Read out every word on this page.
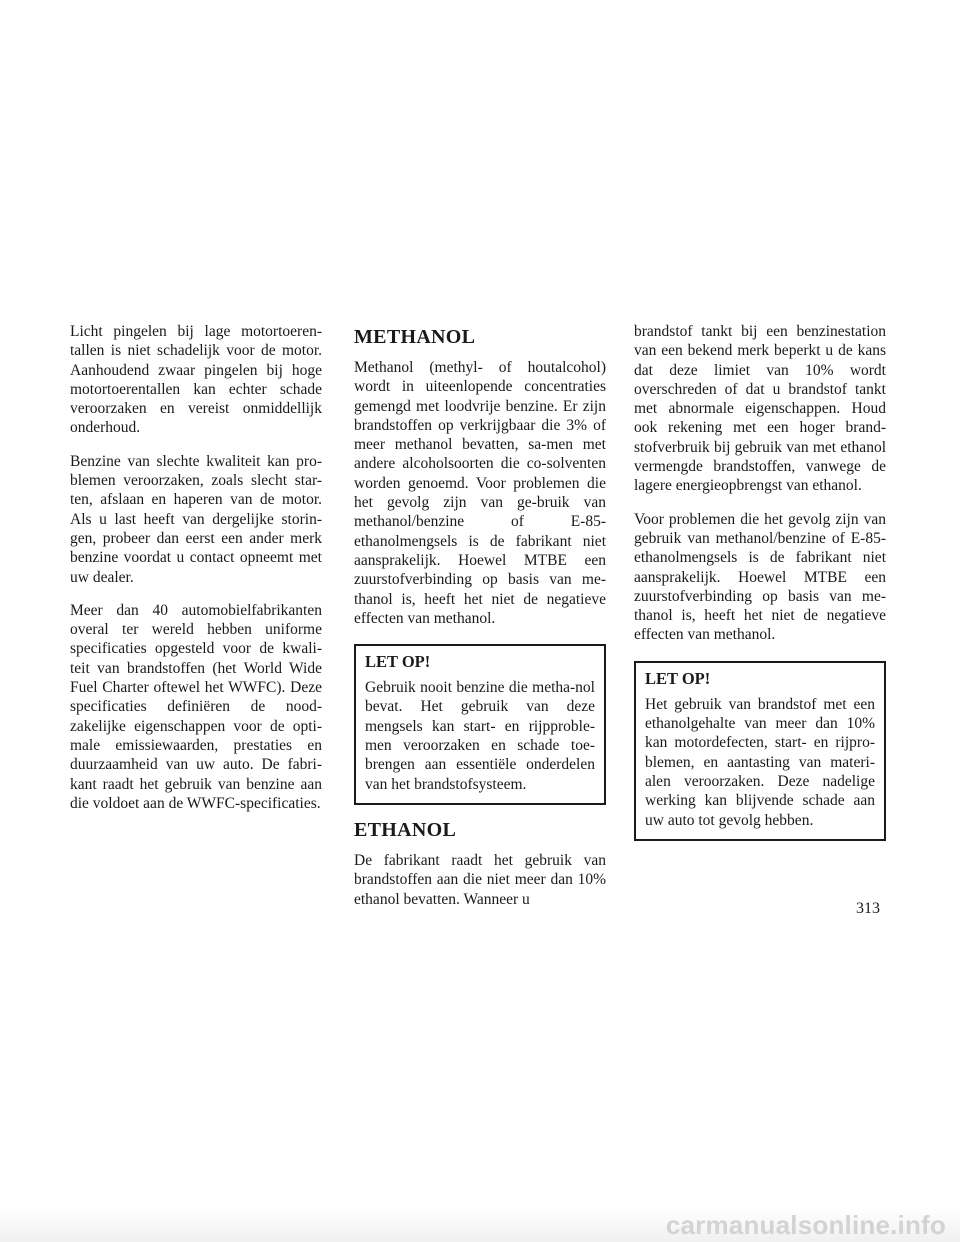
Licht pingelen bij lage motortoeren-tallen is niet schadelijk voor de motor. Aanhoudend zwaar pingelen bij hoge motortoerentallen kan echter schade veroorzaken en vereist onmiddellijk onderhoud.

Benzine van slechte kwaliteit kan pro-blemen veroorzaken, zoals slecht star-ten, afslaan en haperen van de motor. Als u last heeft van dergelijke storin-gen, probeer dan eerst een ander merk benzine voordat u contact opneemt met uw dealer.

Meer dan 40 automobielfabrikanten overal ter wereld hebben uniforme specificaties opgesteld voor de kwali-teit van brandstoffen (het World Wide Fuel Charter oftewel het WWFC). Deze specificaties definiëren de nood-zakelijke eigenschappen voor de opti-male emissiewaarden, prestaties en duurzaamheid van uw auto. De fabri-kant raadt het gebruik van benzine aan die voldoet aan de WWFC-specificaties.

METHANOL

Methanol (methyl- of houtalcohol) wordt in uiteenlopende concentraties gemengd met loodvrije benzine. Er zijn brandstoffen op verkrijgbaar die 3% of meer methanol bevatten, sa-men met andere alcoholsoorten die co-solventen worden genoemd. Voor problemen die het gevolg zijn van ge-bruik van methanol/benzine of E-85-ethanolmengsels is de fabrikant niet aansprakelijk. Hoewel MTBE een zuurstofverbinding op basis van me-thanol is, heeft het niet de negatieve effecten van methanol.

LET OP!

Gebruik nooit benzine die metha-nol bevat. Het gebruik van deze mengsels kan start- en rijpproble-men veroorzaken en schade toe-brengen aan essentiële onderdelen van het brandstofsysteem.

ETHANOL

De fabrikant raadt het gebruik van brandstoffen aan die niet meer dan 10% ethanol bevatten. Wanneer u

brandstof tankt bij een benzinestation van een bekend merk beperkt u de kans dat deze limiet van 10% wordt overschreden of dat u brandstof tankt met abnormale eigenschappen. Houd ook rekening met een hoger brand-stofverbruik bij gebruik van met ethanol vermengde brandstoffen, vanwege de lagere energieopbrengst van ethanol.

Voor problemen die het gevolg zijn van gebruik van methanol/benzine of E-85-ethanolmengsels is de fabrikant niet aansprakelijk. Hoewel MTBE een zuurstofverbinding op basis van me-thanol is, heeft het niet de negatieve effecten van methanol.

LET OP!

Het gebruik van brandstof met een ethanolgehalte van meer dan 10% kan motordefecten, start- en rijpro-blemen, en aantasting van materi-alen veroorzaken. Deze nadelige werking kan blijvende schade aan uw auto tot gevolg hebben.

313
carmanualsonline.info
